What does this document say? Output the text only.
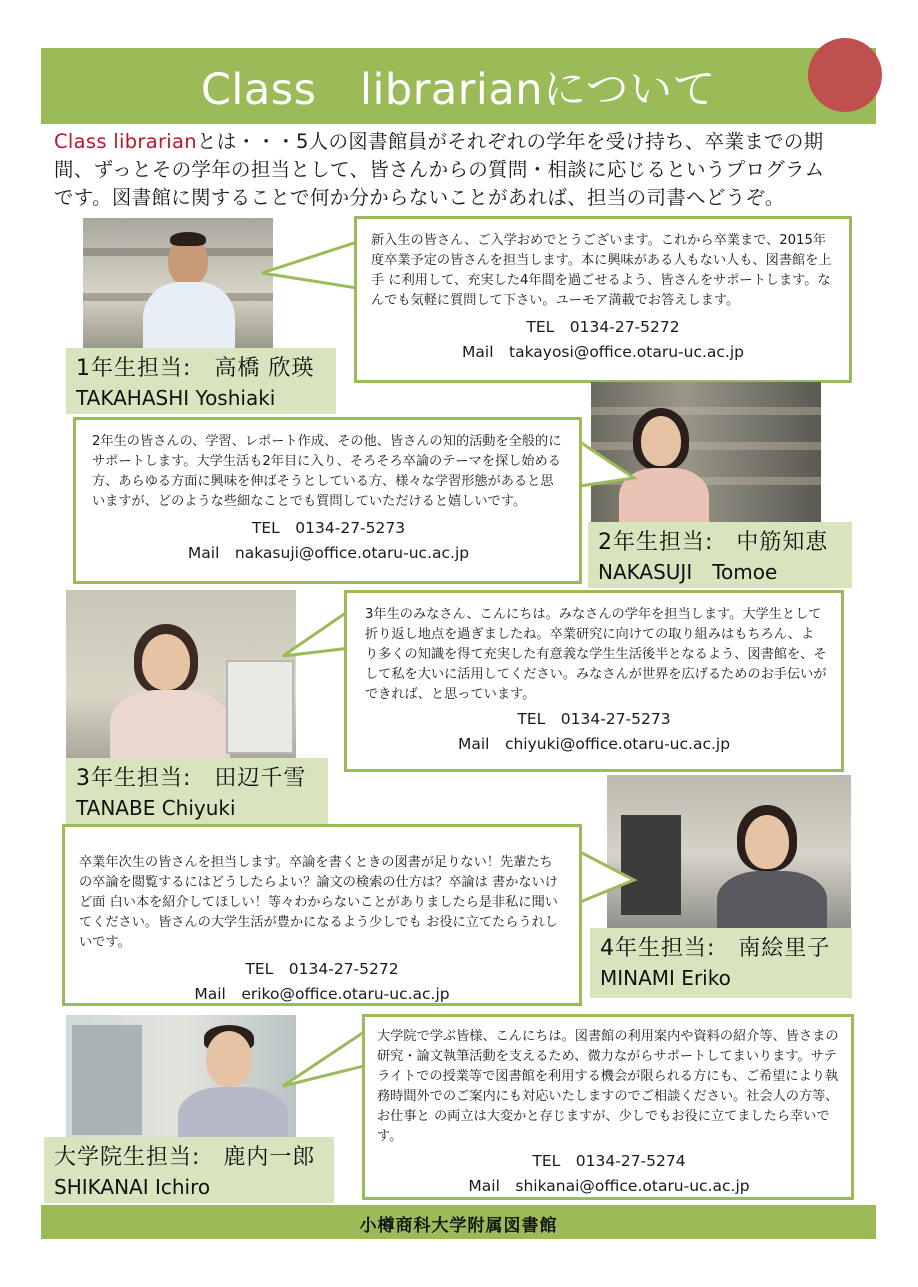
Class　librarianについて
Class librarianとは・・・5人の図書館員がそれぞれの学年を受け持ち、卒業までの期間、ずっとその学年の担当として、皆さんからの質問・相談に応じるというプログラムです。図書館に関することで何か分からないことがあれば、担当の司書へどうぞ。
1年生担当:　高橋 欣瑛
TAKAHASHI Yoshiaki
新入生の皆さん、ご入学おめでとうございます。これから卒業まで、2015年度卒業予定の皆さんを担当します。本に興味がある人もない人も、図書館を上手 に利用して、充実した4年間を過ごせるよう、皆さんをサポートします。なんでも気軽に質問して下さい。ユーモア満載でお答えします。
TEL　0134-27-5272
Mail　takayosi@office.otaru-uc.ac.jp
2年生担当:　中筋知恵
NAKASUJI　Tomoe
2年生の皆さんの、学習、レポート作成、その他、皆さんの知的活動を全般的にサポートします。大学生活も2年目に入り、そろそろ卒論のテーマを探し始める 方、あらゆる方面に興味を伸ばそうとしている方、様々な学習形態があると思いますが、どのような些細なことでも質問していただけると嬉しいです。
TEL　0134-27-5273
Mail　nakasuji@office.otaru-uc.ac.jp
3年生担当:　田辺千雪
TANABE Chiyuki
3年生のみなさん、こんにちは。みなさんの学年を担当します。大学生として折り返し地点を過ぎましたね。卒業研究に向けての取り組みはもちろん、より多くの知識を得て充実した有意義な学生生活後半となるよう、図書館を、そして私を大いに活用してください。みなさんが世界を広げるためのお手伝いができれば、と思っています。
TEL　0134-27-5273
Mail　chiyuki@office.otaru-uc.ac.jp
4年生担当:　南絵里子
MINAMI Eriko
卒業年次生の皆さんを担当します。卒論を書くときの図書が足りない！先輩たちの卒論を閲覧するにはどうしたらよい？論文の検索の仕方は？卒論は 書かないけど面 白い本を紹介してほしい！等々わからないことがありましたら是非私に聞いてください。皆さんの大学生活が豊かになるよう少しでも お役に立てたらうれしいです。
TEL　0134-27-5272
Mail　eriko@office.otaru-uc.ac.jp
大学院生担当:　鹿内一郎
SHIKANAI Ichiro
大学院で学ぶ皆様、こんにちは。図書館の利用案内や資料の紹介等、皆さまの研究・論文執筆活動を支えるため、微力ながらサポートしてまいります。サテライトでの授業等で図書館を利用する機会が限られる方にも、ご希望により執務時間外でのご案内にも対応いたしますのでご相談ください。社会人の方等、お仕事と の両立は大変かと存じますが、少しでもお役に立てましたら幸いです。
TEL　0134-27-5274
Mail　shikanai@office.otaru-uc.ac.jp
小樽商科大学附属図書館
